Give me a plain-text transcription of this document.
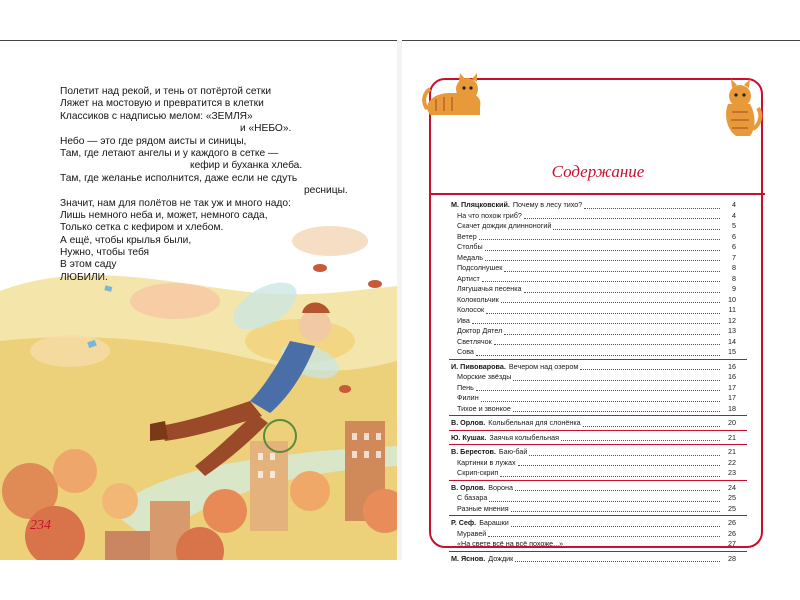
Полетит над рекой, и тень от потёртой сетки
Ляжет на мостовую и превратится в клетки
Классиков с надписью мелом: «ЗЕМЛЯ»
и «НЕБО».
Небо — это где рядом аисты и синицы,
Там, где летают ангелы и у каждого в сетке —
кефир и буханка хлеба.
Там, где желанье исполнится, даже если не сдуть
ресницы.
Значит, нам для полётов не так уж и много надо:
Лишь немного неба и, может, немного сада,
Только сетка с кефиром и хлебом.
А ещё, чтобы крылья были,
Нужно, чтобы тебя
В этом саду
ЛЮБИЛИ.
234
Содержание
М. Пляцковский. Почему в лесу тихо?	4
На что похож гриб?	4
Скачет дождик длинноногий	5
Ветер	6
Столбы	6
Медаль	7
Подсолнушек	8
Артист	8
Лягушачья песенка	9
Колокольчик	10
Колосок	11
Ива	12
Доктор Дятел	13
Светлячок	14
Сова	15
И. Пивоварова. Вечером над озером	16
Морские звёзды	16
Пень	17
Филин	17
Тихое и звонкое	18
В. Орлов. Колыбельная для слонёнка	20
Ю. Кушак. Заячья колыбельная	21
В. Берестов. Баю-бай	21
Картинки в лужах	22
Скрип-скрип	23
В. Орлов. Ворона	24
С базара	25
Разные мнения	25
Р. Сеф. Барашки	26
Муравей	26
«На свете всё на всё похоже...»	27
М. Яснов. Дождик	28
